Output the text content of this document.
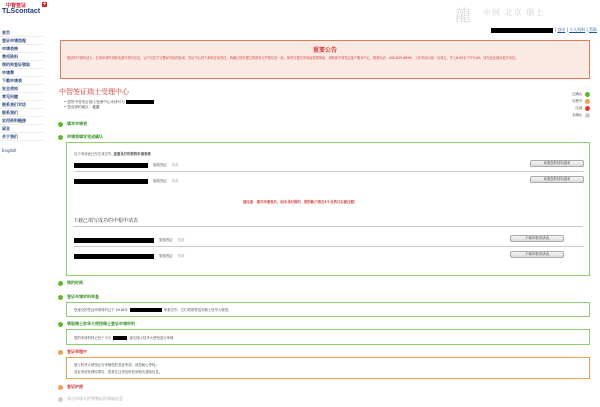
中智签证
+
TLScontact	龍 中国 北京 瑞士
| 登出 | 个人资料 | 帮助
首页
签证申请流程
申请表格
费用资料
预约和签证领取
申请费
下载申请表
安全须知
常见问题
联系我们对话
联系我们
实用资料链接
留言
关于我们
English
重要公告
敬爱的中国申请人：在线申请时请如实填写相关信息，由于信息不完整而导致的延误，签证中心将不承担任何责任。请确认您所提交的资料与护照信息一致。如您在提交申请前需要帮助，请联系中智签证客户服务中心，联系电话：400-625-6699，工作时间为周一至周五，早上8:00至下午5:00。请在此处阅读更多信息。
中智签证瑞士受理中心
• 您的中智签证瑞士受理中心申请号为
• 您选择的地区：北京
已确认
处理中
注意
未确认
填写申请表
申请表填写完成确认
以下申请表已经生成完毕, 查看及打印您的申请表格
旅游签证 旅游	查看您的材料清单
旅游签证 旅游	查看您的材料清单
请注意：填写申请表后，如未及时预约，您的帐户将在3个自然日后被注销！
下载已填写成功的申根申请表
旅游签证 旅游	下载申根申请表
旅游签证 旅游	下载申根申请表
预约时间
签证申请材料审查
您递交的签证申请材料已于 2016年	审查完毕，它们将被寄送到瑞士驻华大使馆。
领取瑞士驻华大使馆瑞士签证申请材料
您的申请材料已经于今天	递交瑞士驻华大使馆进行审理
签证审理中
瑞士驻华大使馆正在审理您的签证申请，请您耐心等待。
签证申请处理结果后，您将在这里及时收到相关通知信息。
签证护照
来自申请人护照签证的领取信息
